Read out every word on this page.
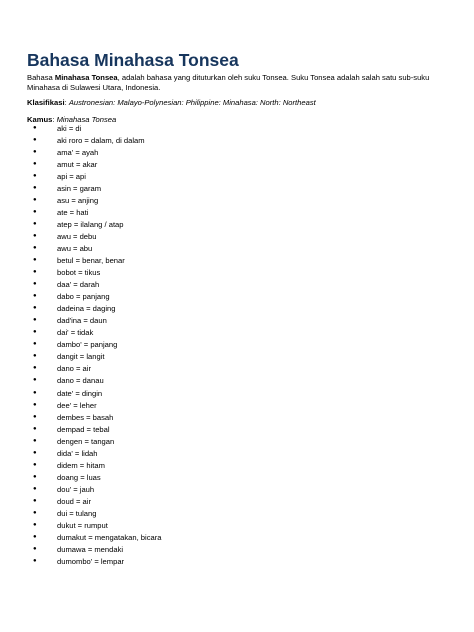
Bahasa Minahasa Tonsea
Bahasa Minahasa Tonsea, adalah bahasa yang dituturkan oleh suku Tonsea. Suku Tonsea adalah salah satu sub-suku Minahasa di Sulawesi Utara, Indonesia.
Klasifikasi: Austronesian: Malayo-Polynesian: Philippine: Minahasa: North: Northeast
Kamus: Minahasa Tonsea
●	aki = di
●	aki roro = dalam, di dalam
●	ama' = ayah
●	amut = akar
●	api = api
●	asin = garam
●	asu = anjing
●	ate = hati
●	atep = ilalang / atap
●	awu = debu
●	awu = abu
●	betul = benar, benar
●	bobot = tikus
●	daa' = darah
●	dabo = panjang
●	dadeina = daging
●	dad'ina = daun
●	dai' = tidak
●	dambo' = panjang
●	dangit = langit
●	dano = air
●	dano = danau
●	date' = dingin
●	dee' = leher
●	dembes = basah
●	dempad = tebal
●	dengen = tangan
●	dida' = lidah
●	didem = hitam
●	doang = luas
●	dou' = jauh
●	doud = air
●	dui = tulang
●	dukut = rumput
●	dumakut = mengatakan, bicara
●	dumawa = mendaki
●	dumombo' = lempar
